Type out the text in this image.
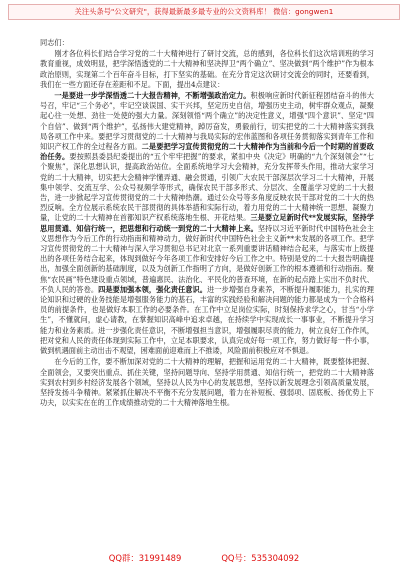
关注头条号"公文研究"，获得最新最多最专业的公文资料库！ 微信：gongwen1

同志们：

刚才各位科长们结合学习党的二十大精神进行了研讨交流，总的感到，各位科长们这次培训班的学习教育重视，成效明显，把学深悟透党的二十大精神和坚决捍卫“两个确立”、坚决做到“两个维护”作为根本政治原则，实现第二个百年奋斗目标，打下坚实的基础。在充分肯定这次研讨交流会的同时，还要看到，我们在一些方面还存在差距和不足。下面，提出4点建议：

一是要进一步学深悟透二十大报告精神，不断增强政治定力。积极响应新时代新征程团结奋斗的伟大号召，牢记“三个务必”，牢记空谈误国、实干兴邦，坚定历史自信，增强历史主动，树牢群众观点，凝聚起心往一处想、劲往一处使的强大力量。深刻领悟“两个确立”的决定性意义，增强“四个意识”、坚定“四个自信”、做到“两个维护”，弘扬伟大建党精神，踔厉奋发，勇毅前行，切实把党的二十大精神落实到我局各项工作中来。要把学习贯彻党的二十大精神与我局实际的宏伟蓝图和各项任务贯彻落实到青年工作和知识产权工作的全过程各方面。二是要把学习宣传贯彻党的二十大精神作为当前和今后一个时期的首要政治任务。要按照县委县纪委提出的“五个牢牢把握”的要求，紧扣中央《决定》明确的“九个深刻领会”“七个聚焦”，深化思想认识，提高政治站位。全面系统地学习大会精神，充分发挥带头作用，推动大家学习党的二十大精神，切实把大会精神学懂弄通、融会贯通，引领广大农民干部深层次学习二十大精神，开展集中领学、交流互学、公众号视频学等形式，确保农民干部多形式、分层次、全覆盖学习党的二十大报告，进一步掀起学习宣传贯彻党的二十大精神热潮。通过公众号等多角度反映农民干部对党的二十大的热烈反响。全方位展示系统农民干部贯彻的具体举措和实际行动，着力用党的二十大精神统一思想、凝聚力量，让党的二十大精神在首都知识产权系统落地生根、开花结果。三是要立足新时代**发展实际，坚持学思用贯通、知信行统一，把思想和行动统一到党的二十大精神上来。坚持以习近平新时代中国特色社会主义思想作为今后工作的行动指南和精神动力，做好新时代中国特色社会主义新**未发展的各项工作。把学习宣传贯彻党的二十大精神与深入学习贯彻总书记对北京一系列重要讲话精神结合起来，与落实市上级提出的各项任务结合起来，体现到做好今年各项工作和安排好今后工作之中。特别是党的二十大报告明确提出，加强全面创新的基础制度，以及为创新工作指明了方向，是做好创新工作的根本遵循和行动指南。聚焦“农民画”特色建设重点领域，普遍惠民、法治化、平民化的普查环境，在新的起点踏上实出不负时代、不负人民的答卷。四是要加强本领，强化责任意识。进一步增强自身素养，不断提升履职能力，扎实的理论知识和过硬的业务技能是增强服务能力的基石，丰富的实践经验和解决问题的能力都是成为一个合格科员的前提条件，也是做好本职工作的必要条件。在工作中立足岗位实际，时刻保持求学之心，甘当“小学生”，不懂就问，虚心请教，在掌握知识高峰中追求卓越，在持续学中实现成长一事事业，不断提升学习能力和业务素质。进一步强化责任意识，不断增强担当意识，增强履职尽责的能力，树立良好工作作风，把对党和人民的责任体现到实际工作中，立足本职要求，认真完成好每一项工作，努力做好每一件小事，做到机遇面前主动出击不观望，困难面前迎难而上不推诿，风险面前积极应对不惧退。

在今后的工作，要不断加深对党的二十大精神的理解，把握和运用党的二十大精神，既要整体把握、全面领会，又要突出重点、抓住关键，坚持问题导向、坚持学用贯通、知信行统一，把党的二十大精神落实到农村到乡村经济发展各个领域，坚持以人民为中心的发展思想，坚持以新发展理念引领高质量发展，坚持发扬斗争精神。紧紧抓住解决不平衡不充分发展问题，着力在补短板、强弱项、固底板、扬优势上下功夫，以实实在在的工作成绩推动党的二十大精神落地生根。

QQ群：31991489	QQ号：535304092
